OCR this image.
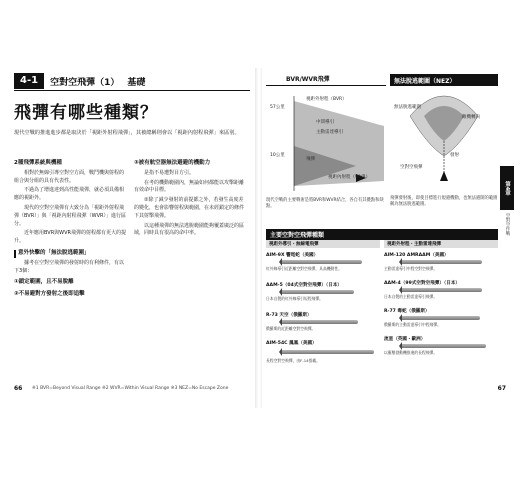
4-1	空對空飛彈（1） 基礎
飛彈有哪些種類？
現代空戰的推進進步都是取決於「視距外射程飛彈」，其被總稱則會以「視距內射程飛彈」來區別。
2種飛彈系統與機種

相對於無線引導空對空方面，戰鬥機與射程的組合與分組的具有代表性。

不過為了增進達到高性能飛彈，就必須具備相應的視距外。

現代的空對空飛彈有大致分為「視距外射程飛彈（BVR）」與「視距內射程飛彈（WVR）」進行區分。

近年應用BVR與WVR飛彈的射程都有更大的提升。

意外快擊的「無法脫逃範圍」

據考在空對空飛彈的發射時的有利條件，有以下3個：

①鎖定範圍，且不易脫離
②不易避對方發射之後即追擊
③被有航空器無法避避的機動力

是指不易遭對目方引。

在考的機動範圍內，無論如何都能以攻擊距離有效命中目標。

②除了減少發射的前提都之外，若發生高度差的變化，也會影響射程與範圍，在未經鎖定的條件下其射擊飛彈。

以這種飛彈的無法逃脫範圍能夠覆蓋廣泛的區域，同時具有很高的命中率。

66 ※1 BVR=Beyond Visual Range ※2 WVR=Within Visual Range ※3 NEZ=No Escape Zone
BVR/WVR飛彈
視距外射程（BVR）
57公里
中間導引
主動雷達導引
10公里
飛彈
視距內射程（WVR）
現代空戰的主要戰術是將BVR和WVR結合，各自有其優點和缺點。
無法脫逃範圍（NEZ）
無法脫逃範圍
敵機轉向
發射
空對空飛彈
飛彈發射後，即使目標進行規避機動，也無法避開的範圍稱為無法脫逃範圍。
第4章
空對空作戰
主要空對空飛彈種類
視距外導引・無線電飛彈	視距外射程・主動雷達飛彈
AIM-9X 響尾蛇（美國）
紅外線導引近距離空對空飛彈，具高機動性。
AAM-5（04式空對空飛彈）（日本）
日本自製的紅外線導引短程飛彈。
R-73 天空（俄羅斯）
俄羅斯的近距離空對空飛彈。
AIM-120 AMRAAM（美國）
主動雷達導引中程空對空飛彈。
AAM-4（99式空對空飛彈）（日本）
日本自製的主動雷達導引飛彈。
R-77 毒蛇（俄羅斯）
俄羅斯的主動雷達導引中程飛彈。
流星（英國・歐洲）
以衝壓發動機推進的長程飛彈。
AIM-54C 鳳凰（美國）
長程空對空飛彈，由F-14搭載。
67
